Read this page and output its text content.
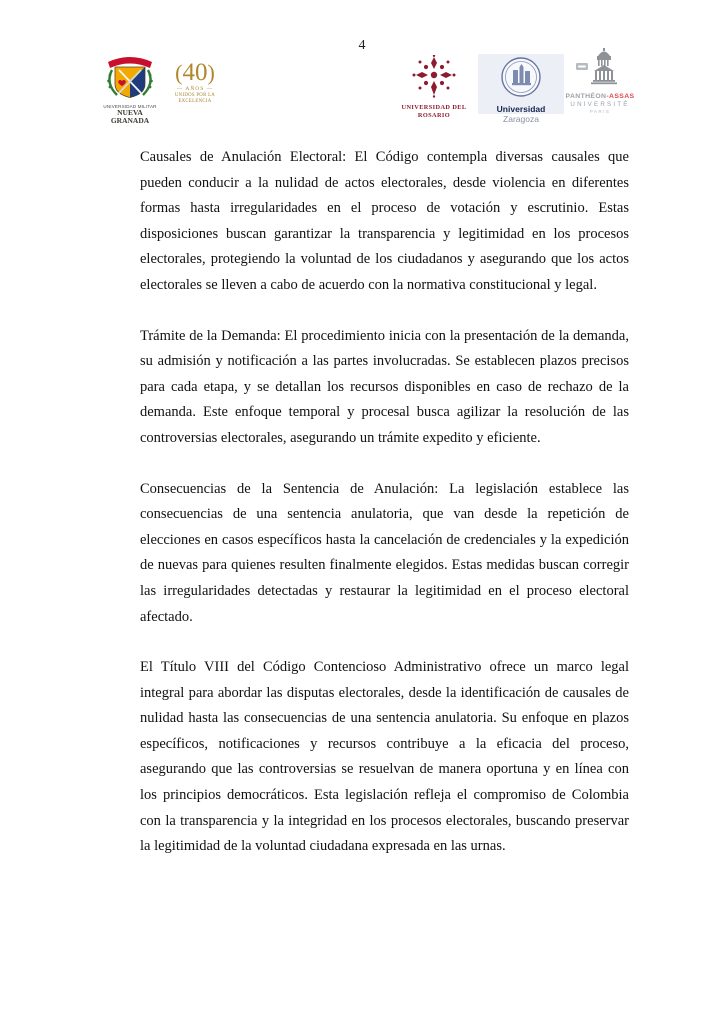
4
UNIVERSIDAD MILITAR
NUEVA GRANADA
(40)
— AÑOS —
UNIDOS POR LA EXCELENCIA
UNIVERSIDAD DEL ROSARIO
Universidad Zaragoza
PANTHÉON-ASSAS
UNIVERSITÉ
PARIS

Causales de Anulación Electoral: El Código contempla diversas causales que pueden conducir a la nulidad de actos electorales, desde violencia en diferentes formas hasta irregularidades en el proceso de votación y escrutinio. Estas disposiciones buscan garantizar la transparencia y legitimidad en los procesos electorales, protegiendo la voluntad de los ciudadanos y asegurando que los actos electorales se lleven a cabo de acuerdo con la normativa constitucional y legal.

Trámite de la Demanda: El procedimiento inicia con la presentación de la demanda, su admisión y notificación a las partes involucradas. Se establecen plazos precisos para cada etapa, y se detallan los recursos disponibles en caso de rechazo de la demanda. Este enfoque temporal y procesal busca agilizar la resolución de las controversias electorales, asegurando un trámite expedito y eficiente.

Consecuencias de la Sentencia de Anulación: La legislación establece las consecuencias de una sentencia anulatoria, que van desde la repetición de elecciones en casos específicos hasta la cancelación de credenciales y la expedición de nuevas para quienes resulten finalmente elegidos. Estas medidas buscan corregir las irregularidades detectadas y restaurar la legitimidad en el proceso electoral afectado.

El Título VIII del Código Contencioso Administrativo ofrece un marco legal integral para abordar las disputas electorales, desde la identificación de causales de nulidad hasta las consecuencias de una sentencia anulatoria. Su enfoque en plazos específicos, notificaciones y recursos contribuye a la eficacia del proceso, asegurando que las controversias se resuelvan de manera oportuna y en línea con los principios democráticos. Esta legislación refleja el compromiso de Colombia con la transparencia y la integridad en los procesos electorales, buscando preservar la legitimidad de la voluntad ciudadana expresada en las urnas.
